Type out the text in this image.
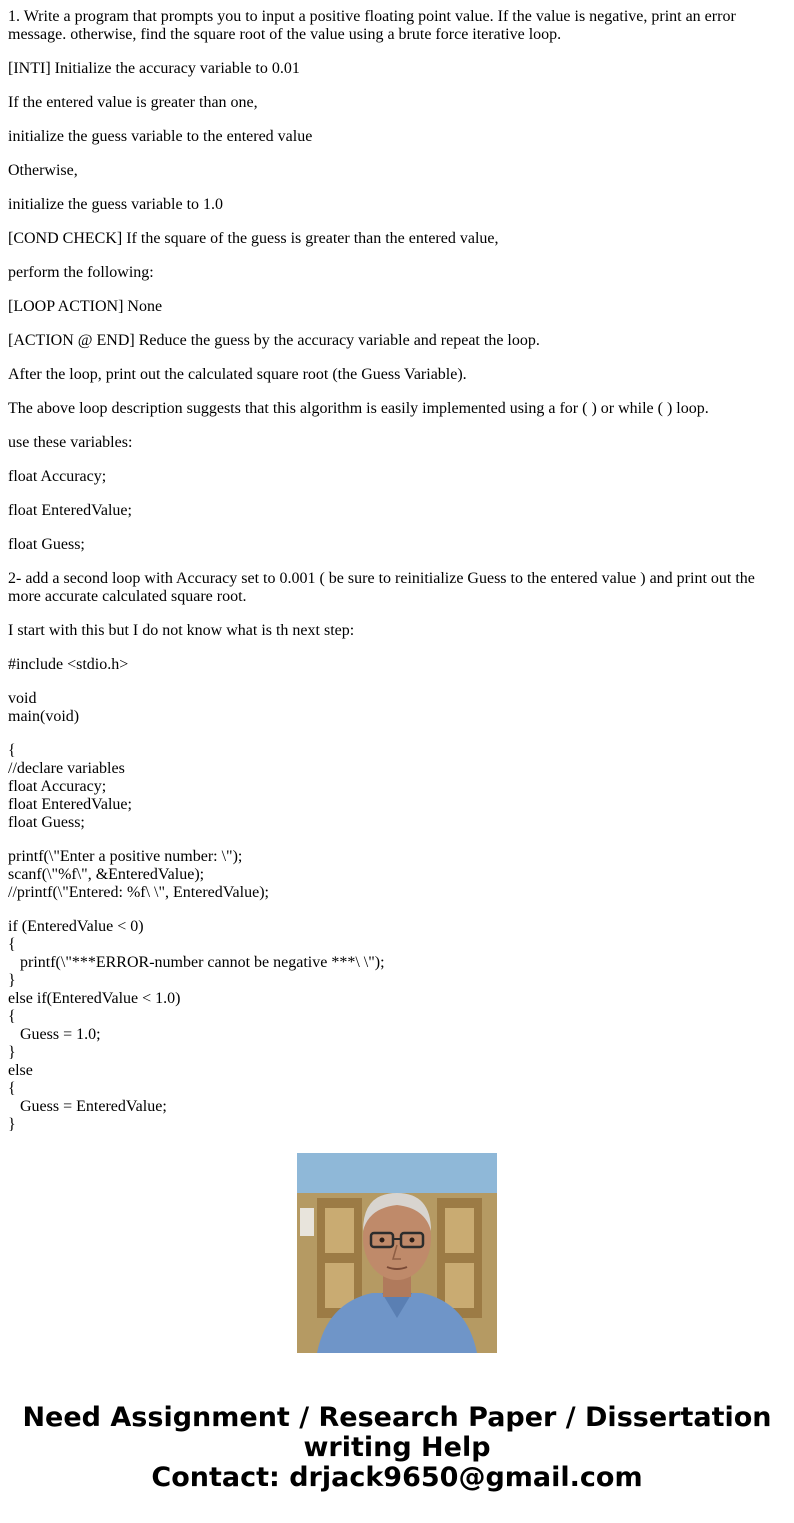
1. Write a program that prompts you to input a positive floating point value. If the value is negative, print an error message. otherwise, find the square root of the value using a brute force iterative loop.

[INTI] Initialize the accuracy variable to 0.01

If the entered value is greater than one,

initialize the guess variable to the entered value

Otherwise,

initialize the guess variable to 1.0

[COND CHECK] If the square of the guess is greater than the entered value,

perform the following:

[LOOP ACTION] None

[ACTION @ END] Reduce the guess by the accuracy variable and repeat the loop.

After the loop, print out the calculated square root (the Guess Variable).

The above loop description suggests that this algorithm is easily implemented using a for ( ) or while ( ) loop.

use these variables:

float Accuracy;

float EnteredValue;

float Guess;

2- add a second loop with Accuracy set to 0.001 ( be sure to reinitialize Guess to the entered value ) and print out the more accurate calculated square root.

I start with this but I do not know what is th next step:

#include <stdio.h>

void
main(void)

{
//declare variables
float Accuracy;
float EnteredValue;
float Guess;

printf(\"Enter a positive number: \");
scanf(\"%f\", &EnteredValue);
//printf(\"Entered: %f\ \", EnteredValue);

if (EnteredValue < 0)
{
printf(\"***ERROR-number cannot be negative ***\ \");
}
else if(EnteredValue < 1.0)
{
Guess = 1.0;
}
else
{
Guess = EnteredValue;
}

Need Assignment / Research Paper / Dissertation
writing Help
Contact: drjack9650@gmail.com
